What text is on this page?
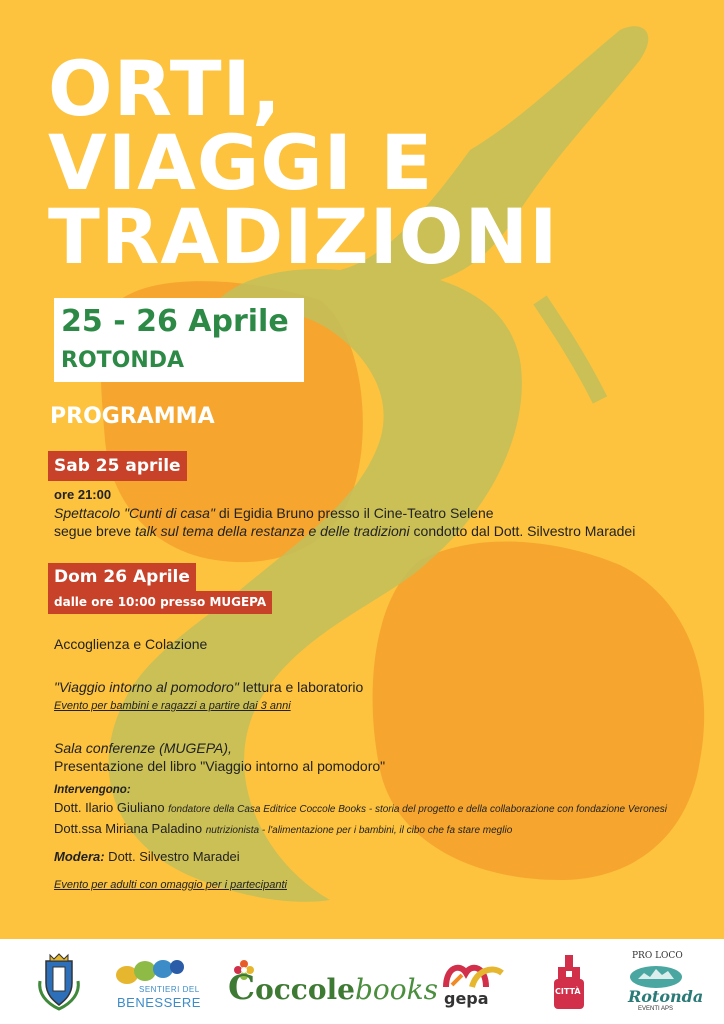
ORTI,
VIAGGI E
TRADIZIONI
25 - 26 Aprile
ROTONDA
PROGRAMMA
Sab 25 aprile
ore 21:00
Spettacolo "Cunti di casa" di Egidia Bruno presso il Cine-Teatro Selene
segue breve talk sul tema della restanza e delle tradizioni condotto dal Dott. Silvestro Maradei
Dom 26 Aprile
dalle ore 10:00 presso MUGEPA
Accoglienza e Colazione
"Viaggio intorno al pomodoro" lettura e laboratorio
Evento per bambini e ragazzi a partire dai 3 anni
Sala conferenze (MUGEPA),
Presentazione del libro "Viaggio intorno al pomodoro"
Intervengono:
Dott. Ilario Giuliano fondatore della Casa Editrice Coccole Books - storia del progetto e della collaborazione con fondazione Veronesi
Dott.ssa Miriana Paladino nutrizionista - l'alimentazione per i bambini, il cibo che fa stare meglio
Modera: Dott. Silvestro Maradei
Evento per adulti con omaggio per i partecipanti
SENTIERI DEL
BENESSERE Coccolebooks gepa	CITTÀ
PRO LOCO
Rotonda
EVENTI APS
